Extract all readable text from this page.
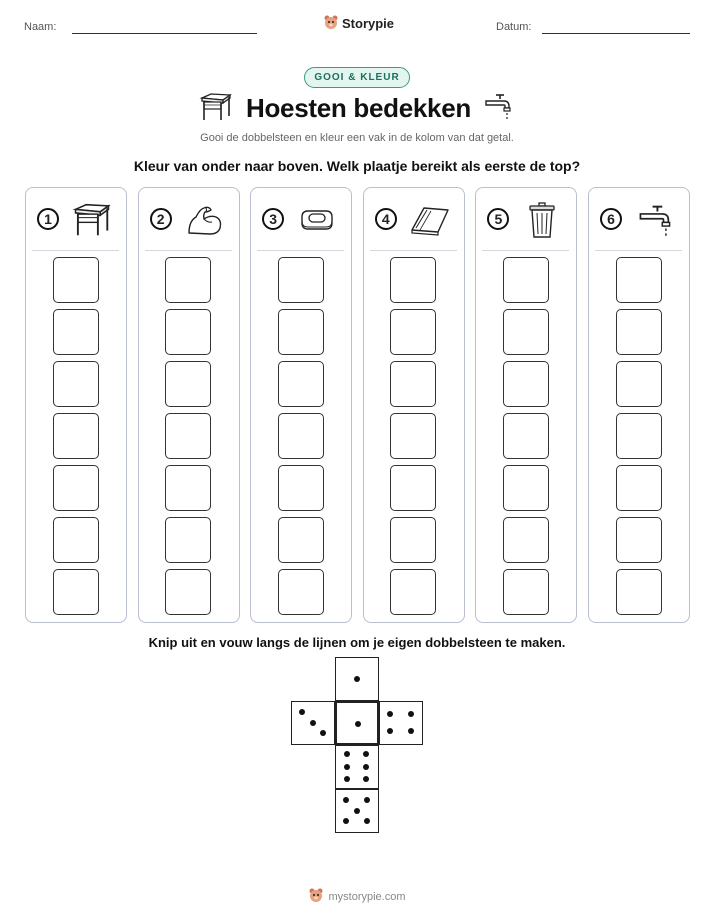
Naam:	Storypie	Datum:
GOOI & KLEUR
Hoesten bedekken
Gooi de dobbelsteen en kleur een vak in de kolom van dat getal.
Kleur van onder naar boven. Welk plaatje bereikt als eerste de top?
1	2	3	4	5	6
Knip uit en vouw langs de lijnen om je eigen dobbelsteen te maken.
mystorypie.com
